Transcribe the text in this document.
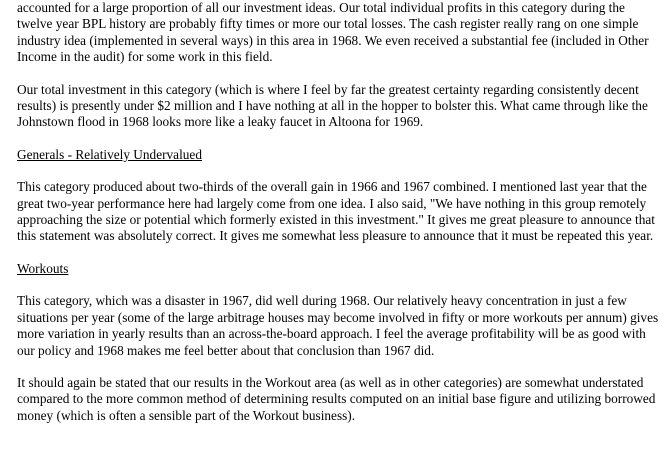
accounted for a large proportion of all our investment ideas. Our total individual profits in this category during the twelve year BPL history are probably fifty times or more our total losses. The cash register really rang on one simple industry idea (implemented in several ways) in this area in 1968. We even received a substantial fee (included in Other Income in the audit) for some work in this field.

Our total investment in this category (which is where I feel by far the greatest certainty regarding consistently decent results) is presently under $2 million and I have nothing at all in the hopper to bolster this. What came through like the Johnstown flood in 1968 looks more like a leaky faucet in Altoona for 1969.

Generals - Relatively Undervalued

This category produced about two-thirds of the overall gain in 1966 and 1967 combined. I mentioned last year that the great two-year performance here had largely come from one idea. I also said, "We have nothing in this group remotely approaching the size or potential which formerly existed in this investment." It gives me great pleasure to announce that this statement was absolutely correct. It gives me somewhat less pleasure to announce that it must be repeated this year.

Workouts

This category, which was a disaster in 1967, did well during 1968. Our relatively heavy concentration in just a few situations per year (some of the large arbitrage houses may become involved in fifty or more workouts per annum) gives more variation in yearly results than an across-the-board approach. I feel the average profitability will be as good with our policy and 1968 makes me feel better about that conclusion than 1967 did.

It should again be stated that our results in the Workout area (as well as in other categories) are somewhat understated compared to the more common method of determining results computed on an initial base figure and utilizing borrowed money (which is often a sensible part of the Workout business).
